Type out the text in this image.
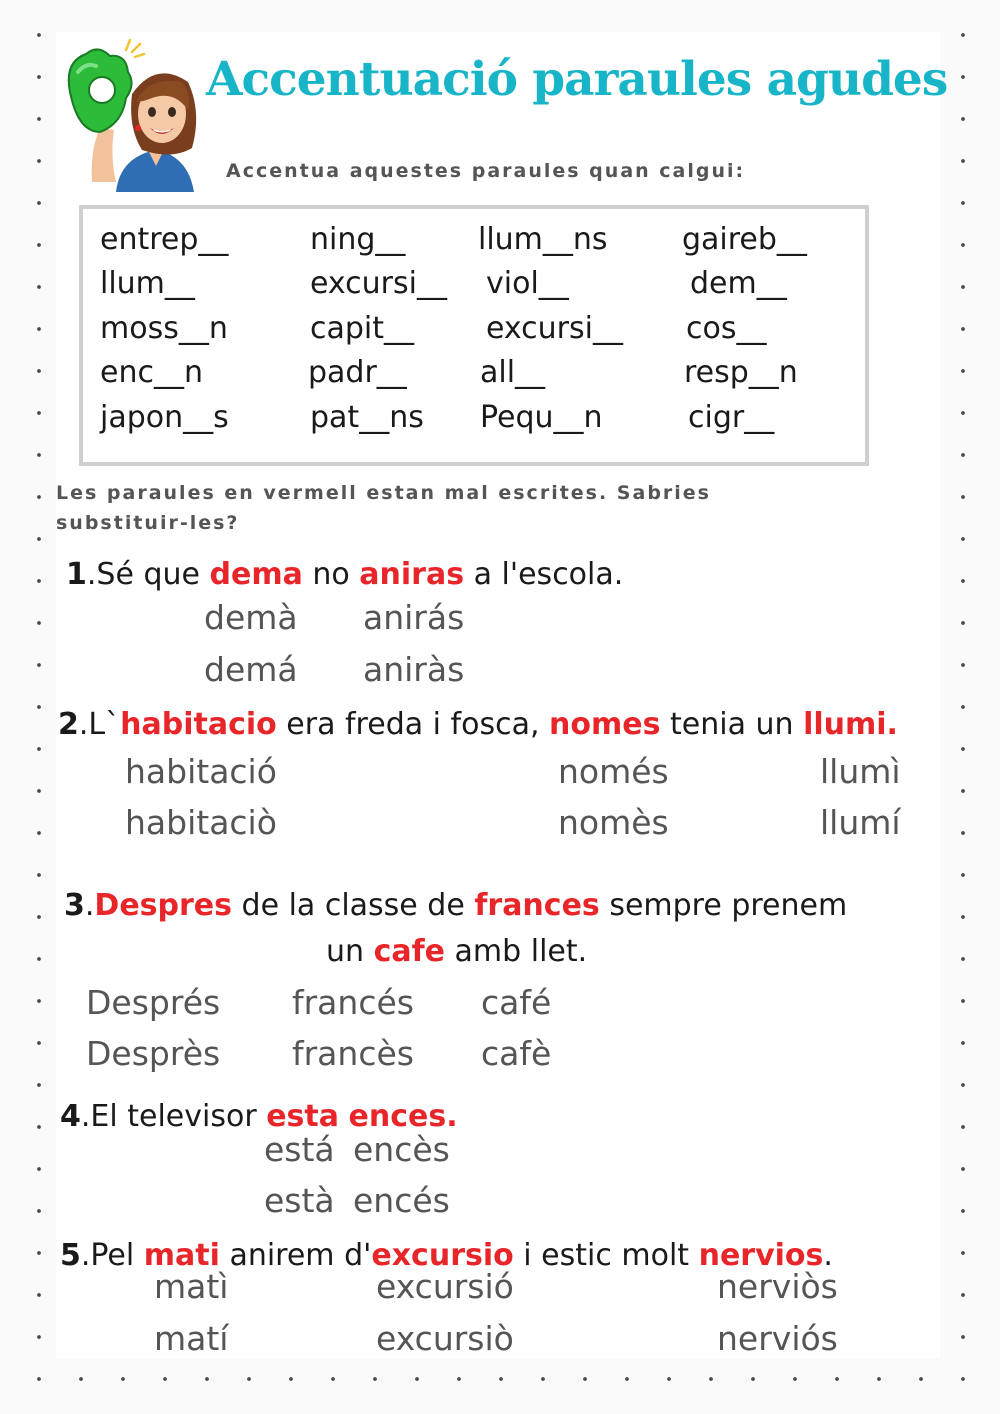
Accentuació paraules agudes
Accentua aquestes paraules quan calgui:
entrep__	ning__ llum__ns gaireb__
llum__	excursi__ viol__	dem__
moss__n	capit__ excursi__ cos__
enc__n	padr__ all__	resp__n
japon__s	pat__ns Pequ__n	cigr__
Les paraules en vermell estan mal escrites. Sabries substituir-les?
1.Sé que dema no aniras a l'escola.
demà anirás
demá aniràs
2.L`habitacio era freda i fosca, nomes tenia un llumi.
habitació	només	llumì
habitaciò	nomès	llumí
3.Despres de la classe de frances sempre prenem
un cafe amb llet.
Després francés café
Desprès francès cafè
4.El televisor esta ences.
está encès
està encés
5.Pel mati anirem d'excursio i estic molt nervios.
matì	excursió	nerviòs
matí	excursiò	nerviós
